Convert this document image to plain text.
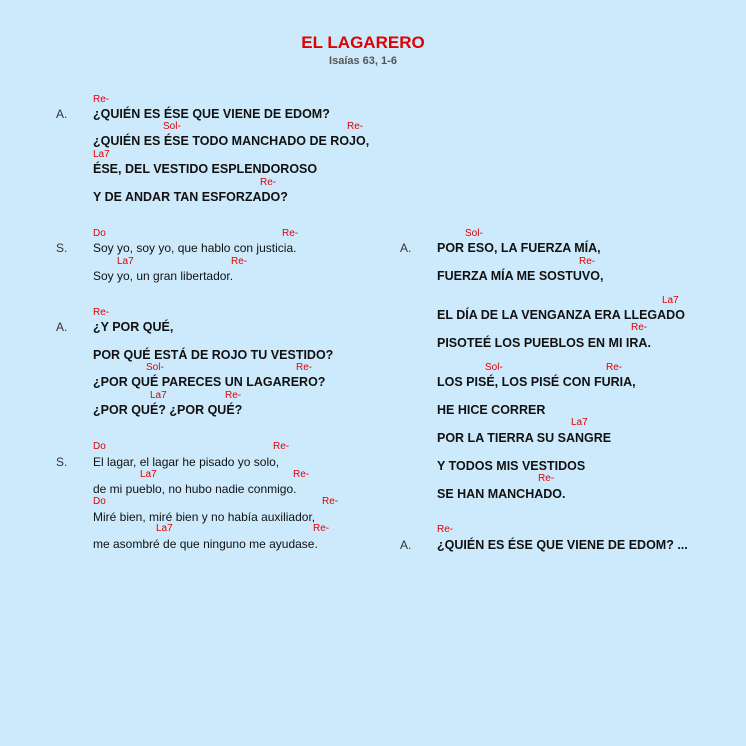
EL LAGARERO
Isaías 63, 1-6
A.
Re-
¿QUIÉN ES ÉSE QUE VIENE DE EDOM?
Sol-	Re-
¿QUIÉN ES ÉSE TODO MANCHADO DE ROJO,
La7
ÉSE, DEL VESTIDO ESPLENDOROSO
Re-
Y DE ANDAR TAN ESFORZADO?
S.
Do	Re-
Soy yo, soy yo, que hablo con justicia.
La7	Re-
Soy yo, un gran libertador.
A.
Re-
¿Y POR QUÉ,
POR QUÉ ESTÁ DE ROJO TU VESTIDO?
Sol-	Re-
¿POR QUÉ PARECES UN LAGARERO?
La7	Re-
¿POR QUÉ? ¿POR QUÉ?
S.
Do	Re-
El lagar, el lagar he pisado yo solo,
La7	Re-
de mi pueblo, no hubo nadie conmigo.
Do	Re-
Miré bien, miré bien y no había auxiliador,
La7	Re-
me asombré de que ninguno me ayudase.
A.
Sol-
POR ESO, LA FUERZA MÍA,
Re-
FUERZA MÍA ME SOSTUVO,
La7
EL DÍA DE LA VENGANZA ERA LLEGADO
Re-
PISOTEÉ LOS PUEBLOS EN MI IRA.
Sol-	Re-
LOS PISÉ, LOS PISÉ CON FURIA,
HE HICE CORRER
La7
POR LA TIERRA SU SANGRE
Y TODOS MIS VESTIDOS
Re-
SE HAN MANCHADO.
A.
Re-
¿QUIÉN ES ÉSE QUE VIENE DE EDOM? ...
